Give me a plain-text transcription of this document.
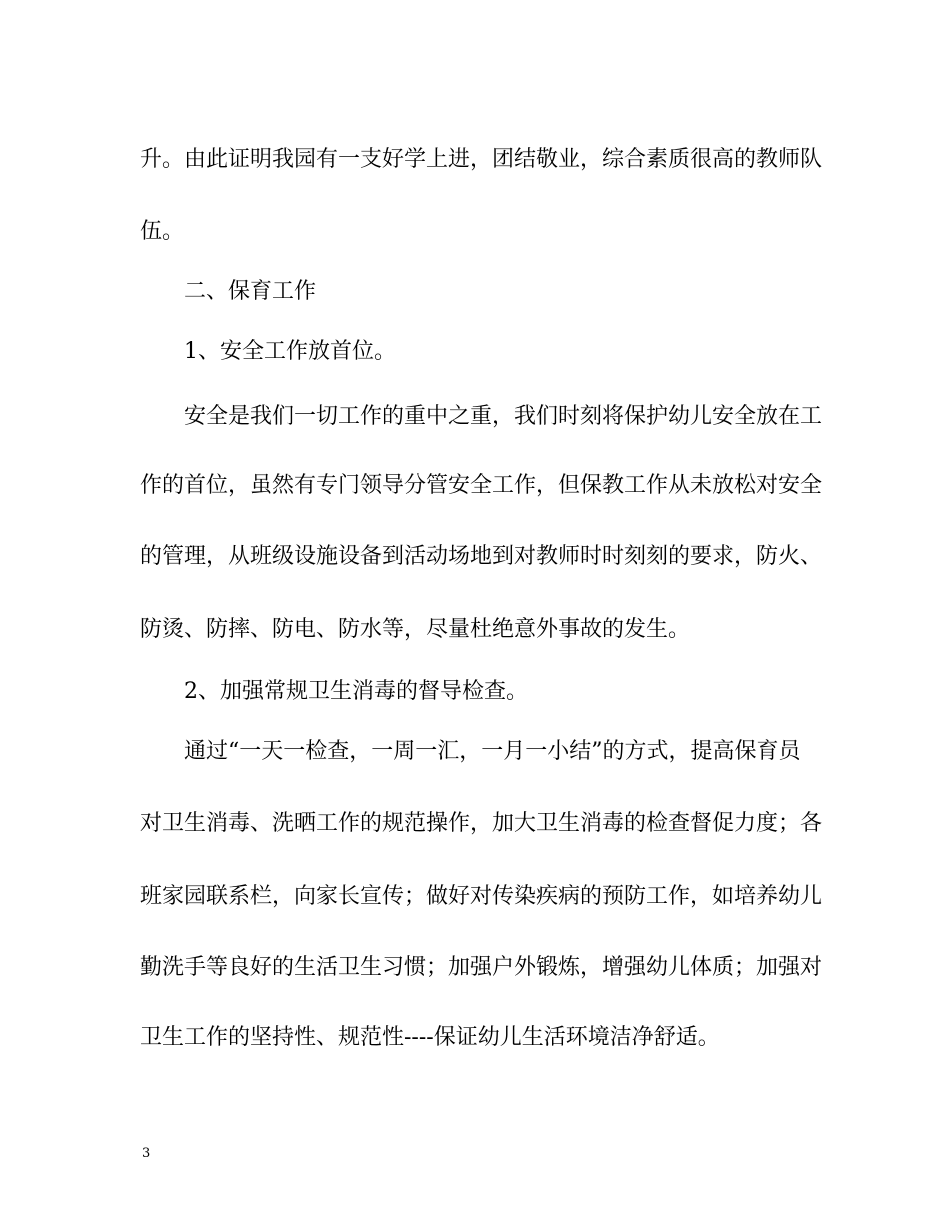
升。由此证明我园有一支好学上进，团结敬业，综合素质很高的教师队
伍。
二、保育工作
1、安全工作放首位。
安全是我们一切工作的重中之重，我们时刻将保护幼儿安全放在工
作的首位，虽然有专门领导分管安全工作，但保教工作从未放松对安全
的管理，从班级设施设备到活动场地到对教师时时刻刻的要求，防火、
防烫、防摔、防电、防水等，尽量杜绝意外事故的发生。
2、加强常规卫生消毒的督导检查。
通过“一天一检查，一周一汇，一月一小结”的方式，提高保育员
对卫生消毒、洗晒工作的规范操作，加大卫生消毒的检查督促力度；各
班家园联系栏，向家长宣传；做好对传染疾病的预防工作，如培养幼儿
勤洗手等良好的生活卫生习惯；加强户外锻炼，增强幼儿体质；加强对
卫生工作的坚持性、规范性----保证幼儿生活环境洁净舒适。
3
